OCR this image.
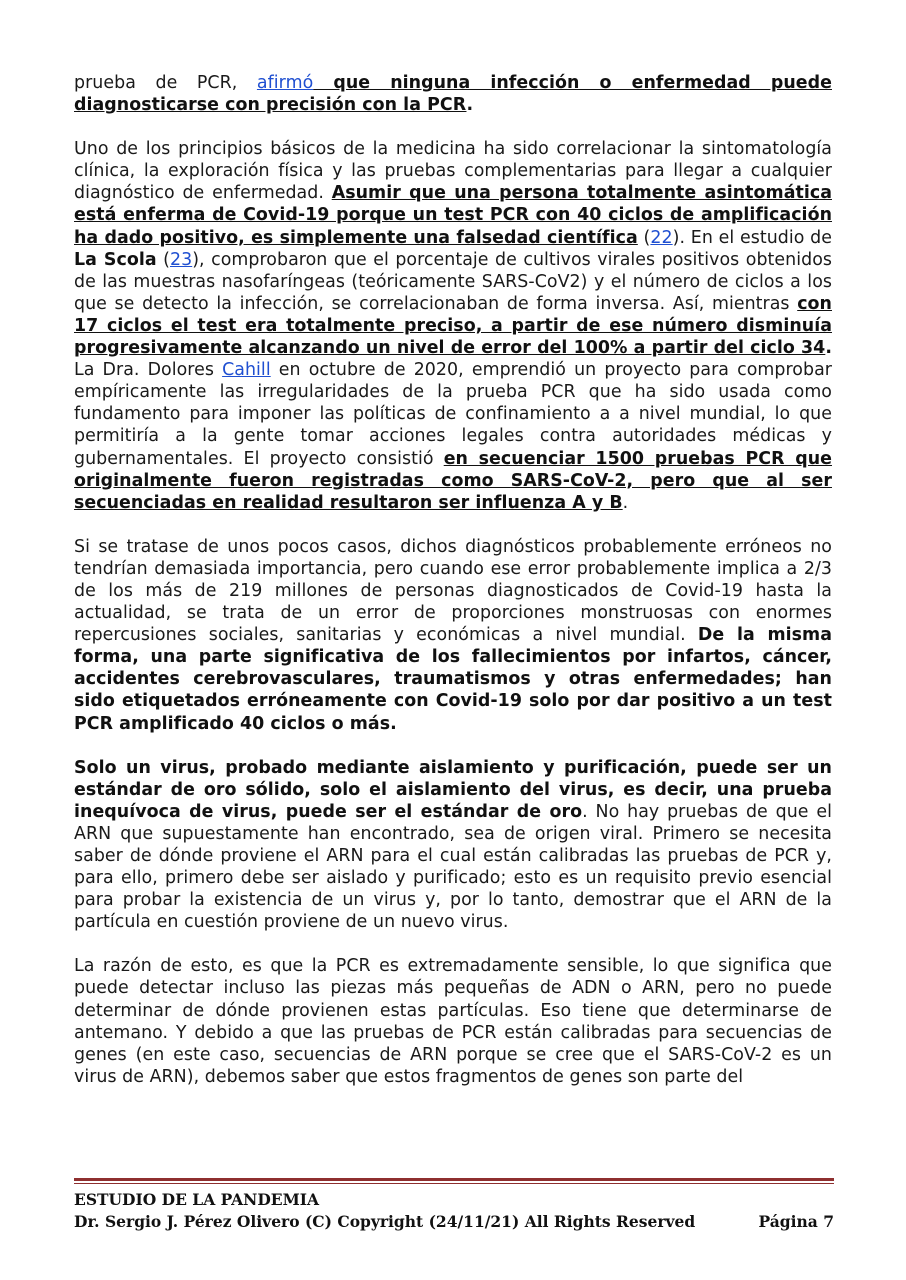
prueba de PCR, afirmó que ninguna infección o enfermedad puede diagnosticarse con precisión con la PCR.

Uno de los principios básicos de la medicina ha sido correlacionar la sintomatología clínica, la exploración física y las pruebas complementarias para llegar a cualquier diagnóstico de enfermedad. Asumir que una persona totalmente asintomática está enferma de Covid-19 porque un test PCR con 40 ciclos de amplificación ha dado positivo, es simplemente una falsedad científica (22). En el estudio de La Scola (23), comprobaron que el porcentaje de cultivos virales positivos obtenidos de las muestras nasofaríngeas (teóricamente SARS-CoV2) y el número de ciclos a los que se detecto la infección, se correlacionaban de forma inversa. Así, mientras con 17 ciclos el test era totalmente preciso, a partir de ese número disminuía progresivamente alcanzando un nivel de error del 100% a partir del ciclo 34. La Dra. Dolores Cahill en octubre de 2020, emprendió un proyecto para comprobar empíricamente las irregularidades de la prueba PCR que ha sido usada como fundamento para imponer las políticas de confinamiento a a nivel mundial, lo que permitiría a la gente tomar acciones legales contra autoridades médicas y gubernamentales. El proyecto consistió en secuenciar 1500 pruebas PCR que originalmente fueron registradas como SARS-CoV-2, pero que al ser secuenciadas en realidad resultaron ser influenza A y B.

Si se tratase de unos pocos casos, dichos diagnósticos probablemente erróneos no tendrían demasiada importancia, pero cuando ese error probablemente implica a 2/3 de los más de 219 millones de personas diagnosticados de Covid-19 hasta la actualidad, se trata de un error de proporciones monstruosas con enormes repercusiones sociales, sanitarias y económicas a nivel mundial. De la misma forma, una parte significativa de los fallecimientos por infartos, cáncer, accidentes cerebrovasculares, traumatismos y otras enfermedades; han sido etiquetados erróneamente con Covid-19 solo por dar positivo a un test PCR amplificado 40 ciclos o más.

Solo un virus, probado mediante aislamiento y purificación, puede ser un estándar de oro sólido, solo el aislamiento del virus, es decir, una prueba inequívoca de virus, puede ser el estándar de oro. No hay pruebas de que el ARN que supuestamente han encontrado, sea de origen viral. Primero se necesita saber de dónde proviene el ARN para el cual están calibradas las pruebas de PCR y, para ello, primero debe ser aislado y purificado; esto es un requisito previo esencial para probar la existencia de un virus y, por lo tanto, demostrar que el ARN de la partícula en cuestión proviene de un nuevo virus.

La razón de esto, es que la PCR es extremadamente sensible, lo que significa que puede detectar incluso las piezas más pequeñas de ADN o ARN, pero no puede determinar de dónde provienen estas partículas. Eso tiene que determinarse de antemano. Y debido a que las pruebas de PCR están calibradas para secuencias de genes (en este caso, secuencias de ARN porque se cree que el SARS-CoV-2 es un virus de ARN), debemos saber que estos fragmentos de genes son parte del

ESTUDIO DE LA PANDEMIA
Dr. Sergio J. Pérez Olivero (C) Copyright (24/11/21) All Rights Reserved	Página 7
